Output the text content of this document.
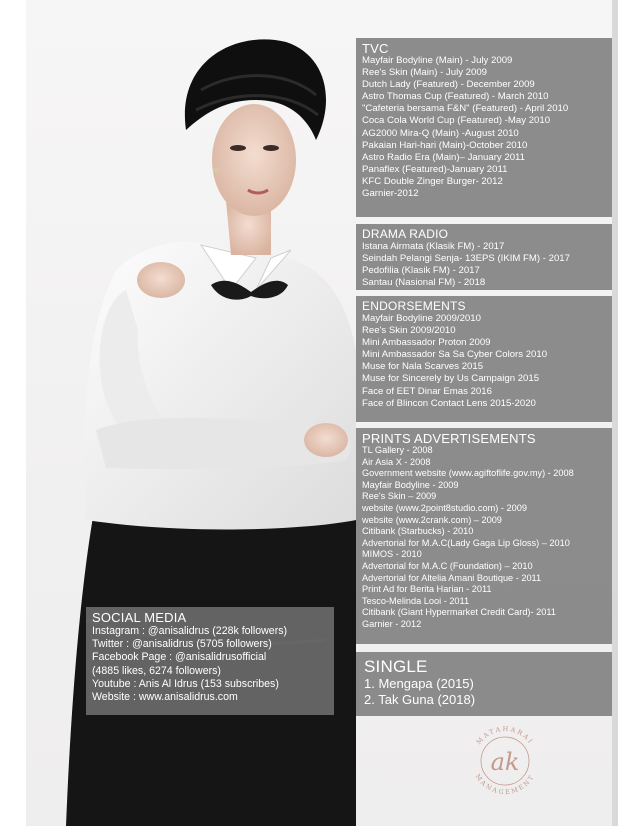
TVC
Mayfair Bodyline (Main) - July 2009
Ree's Skin (Main) - July 2009
Dutch Lady (Featured) - December 2009
Astro Thomas Cup (Featured) - March 2010
"Cafeteria bersama F&N" (Featured) - April 2010
Coca Cola World Cup (Featured) -May 2010
AG2000 Mira-Q (Main) -August 2010
Pakaian Hari-hari (Main)-October 2010
Astro Radio Era (Main)– January 2011
Panaflex (Featured)-January 2011
KFC Double Zinger Burger- 2012
Garnier-2012
DRAMA RADIO
Istana Airmata (Klasik FM) - 2017
Seindah Pelangi Senja- 13EPS (IKIM FM) - 2017
Pedofilia (Klasik FM) - 2017
Santau (Nasional FM) - 2018
ENDORSEMENTS
Mayfair Bodyline 2009/2010
Ree's Skin 2009/2010
Mini Ambassador Proton 2009
Mini Ambassador Sa Sa Cyber Colors 2010
Muse for Nala Scarves 2015
Muse for Sincerely by Us Campaign 2015
Face of EET Dinar Emas 2016
Face of Blincon Contact Lens 2015-2020
PRINTS ADVERTISEMENTS
TL Gallery - 2008
Air Asia X - 2008
Government website (www.agiftoflife.gov.my) - 2008
Mayfair Bodyline - 2009
Ree's Skin – 2009
website (www.2point8studio.com) - 2009
website (www.2crank.com) – 2009
Citibank (Starbucks) - 2010
Advertorial for M.A.C(Lady Gaga Lip Gloss) – 2010
MIMOS - 2010
Advertorial for M.A.C (Foundation) – 2010
Advertorial for Altelia Amani Boutique - 2011
Print Ad for Berita Harian - 2011
Tesco-Melinda Looi - 2011
Citibank (Giant Hypermarket Credit Card)- 2011
Garnier - 2012
SINGLE
1. Mengapa (2015)
2. Tak Guna (2018)
SOCIAL MEDIA
Instagram : @anisalidrus (228k followers)
Twitter : @anisalidrus (5705 followers)
Facebook Page : @anisalidrusofficial
(4885 likes, 6274 followers)
Youtube : Anis Al Idrus (153 subscribes)
Website : www.anisalidrus.com
MATAHARAI
MANAGEMENT
ak
